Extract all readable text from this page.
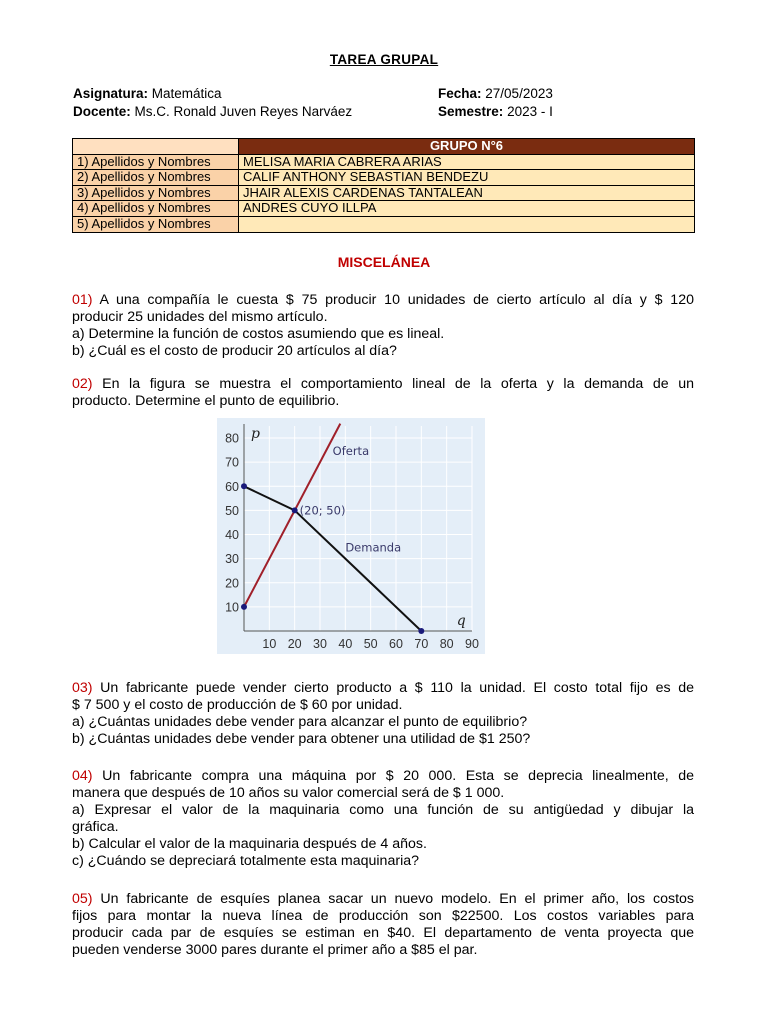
TAREA GRUPAL
Asignatura: Matemática
Docente: Ms.C. Ronald Juven Reyes Narváez
Fecha: 27/05/2023
Semestre: 2023 - I
	GRUPO N°6
1) Apellidos y Nombres	MELISA MARIA CABRERA ARIAS
2) Apellidos y Nombres	CALIF ANTHONY SEBASTIAN BENDEZU
3) Apellidos y Nombres	JHAIR ALEXIS CARDENAS TANTALEAN
4) Apellidos y Nombres	ANDRES CUYO ILLPA
5) Apellidos y Nombres	
MISCELÁNEA
01) A una compañía le cuesta $ 75 producir 10 unidades de cierto artículo al día y $ 120
producir 25 unidades del mismo artículo.
a) Determine la función de costos asumiendo que es lineal.
b) ¿Cuál es el costo de producir 20 artículos al día?
02) En la figura se muestra el comportamiento lineal de la oferta y la demanda de un
producto. Determine el punto de equilibrio.
10 20 30 40 50 60 70 80 90
10
20
30
40
50
60
70
80 p
q
Oferta
Demanda
(20; 50)
03) Un fabricante puede vender cierto producto a $ 110 la unidad. El costo total fijo es de
$ 7 500 y el costo de producción de $ 60 por unidad.
a) ¿Cuántas unidades debe vender para alcanzar el punto de equilibrio?
b) ¿Cuántas unidades debe vender para obtener una utilidad de $1 250?
04) Un fabricante compra una máquina por $ 20 000. Esta se deprecia linealmente, de
manera que después de 10 años su valor comercial será de $ 1 000.
a) Expresar el valor de la maquinaria como una función de su antigüedad y dibujar la
gráfica.
b) Calcular el valor de la maquinaria después de 4 años.
c) ¿Cuándo se depreciará totalmente esta maquinaria?
05) Un fabricante de esquíes planea sacar un nuevo modelo. En el primer año, los costos
fijos para montar la nueva línea de producción son $22500. Los costos variables para
producir cada par de esquíes se estiman en $40. El departamento de venta proyecta que
pueden venderse 3000 pares durante el primer año a $85 el par.
